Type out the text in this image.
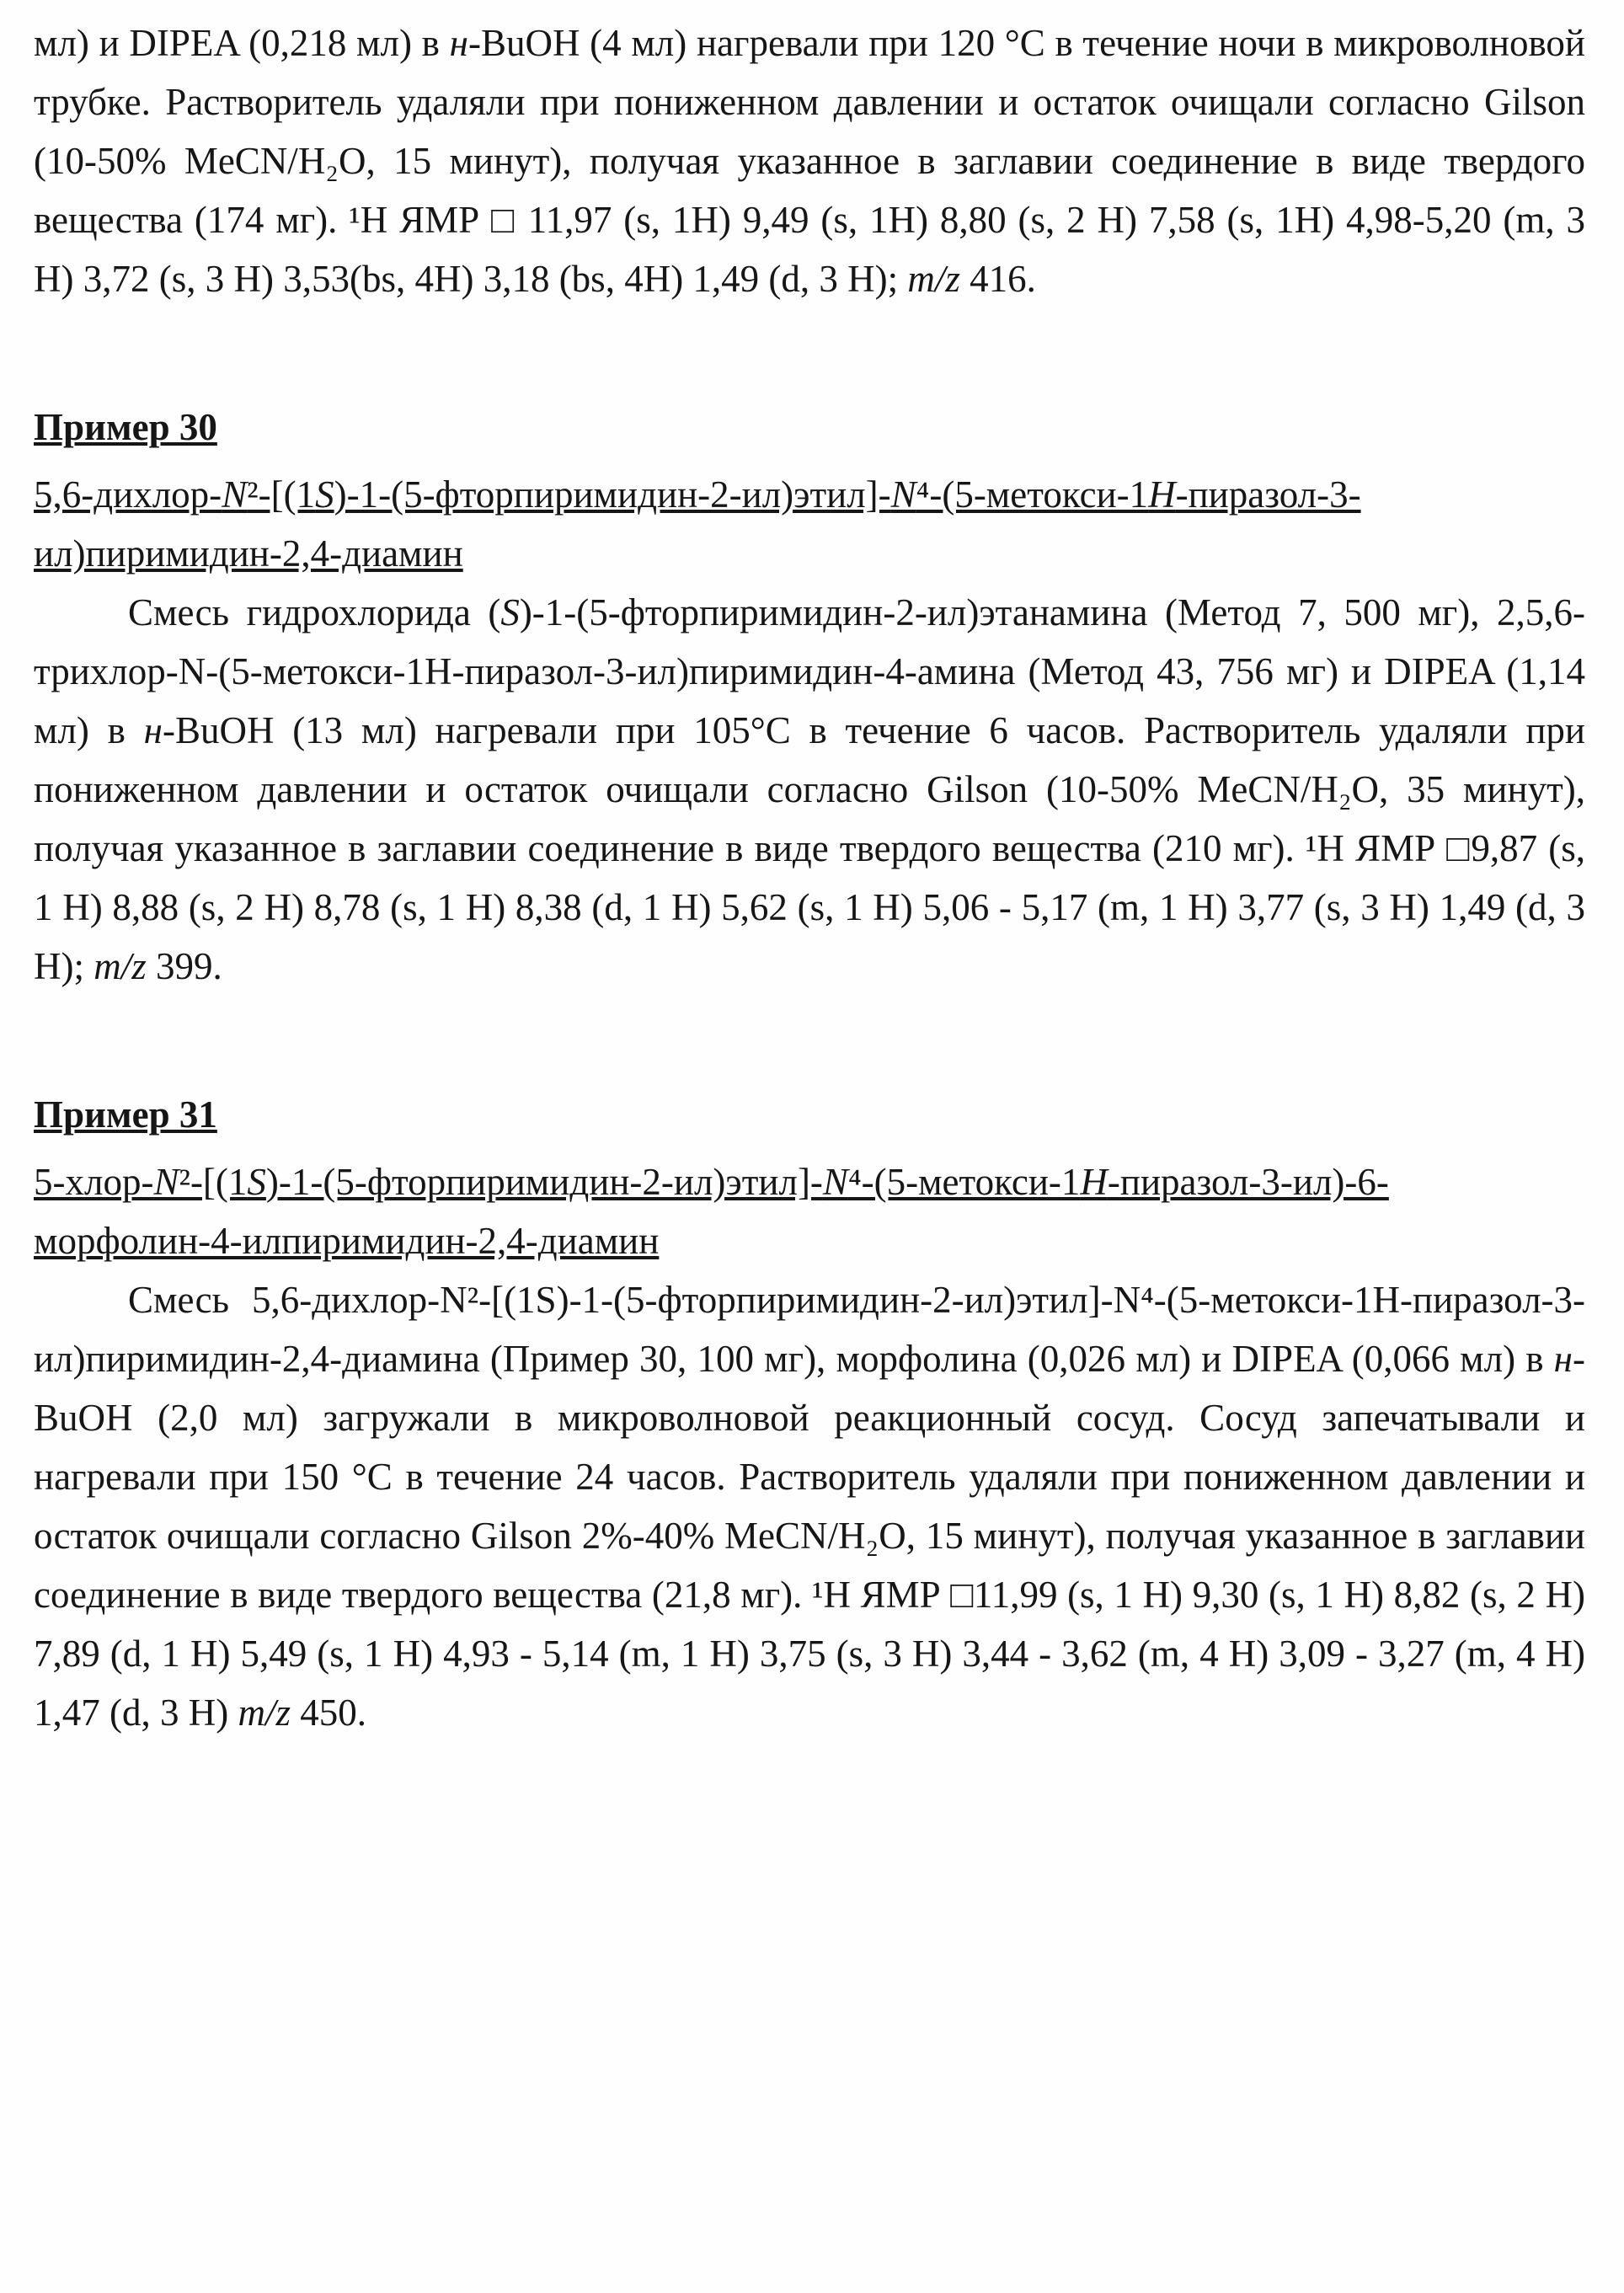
мл) и DIPEA (0,218 мл) в н-BuOH (4 мл) нагревали при 120 °C в течение ночи в микроволновой трубке. Растворитель удаляли при пониженном давлении и остаток очищали согласно Gilson (10-50% MeCN/H₂O, 15 минут), получая указанное в заглавии соединение в виде твердого вещества (174 мг). ¹H ЯМР □ 11,97 (s, 1H) 9,49 (s, 1H) 8,80 (s, 2 H) 7,58 (s, 1H) 4,98-5,20 (m, 3 H) 3,72 (s, 3 H) 3,53(bs, 4H) 3,18 (bs, 4H) 1,49 (d, 3 H); m/z 416.
Пример 30
5,6-дихлор-N²-[(1S)-1-(5-фторпиримидин-2-ил)этил]-N⁴-(5-метокси-1H-пиразол-3-ил)пиримидин-2,4-диамин
Смесь гидрохлорида (S)-1-(5-фторпиримидин-2-ил)этанамина (Метод 7, 500 мг), 2,5,6-трихлор-N-(5-метокси-1H-пиразол-3-ил)пиримидин-4-амина (Метод 43, 756 мг) и DIPEA (1,14 мл) в н-BuOH (13 мл) нагревали при 105°C в течение 6 часов. Растворитель удаляли при пониженном давлении и остаток очищали согласно Gilson (10-50% MeCN/H₂O, 35 минут), получая указанное в заглавии соединение в виде твердого вещества (210 мг). ¹H ЯМР □9,87 (s, 1 H) 8,88 (s, 2 H) 8,78 (s, 1 H) 8,38 (d, 1 H) 5,62 (s, 1 H) 5,06 - 5,17 (m, 1 H) 3,77 (s, 3 H) 1,49 (d, 3 H); m/z 399.
Пример 31
5-хлор-N²-[(1S)-1-(5-фторпиримидин-2-ил)этил]-N⁴-(5-метокси-1H-пиразол-3-ил)-6-морфолин-4-илпиримидин-2,4-диамин
Смесь 5,6-дихлор-N²-[(1S)-1-(5-фторпиримидин-2-ил)этил]-N⁴-(5-метокси-1H-пиразол-3-ил)пиримидин-2,4-диамина (Пример 30, 100 мг), морфолина (0,026 мл) и DIPEA (0,066 мл) в н-BuOH (2,0 мл) загружали в микроволновой реакционный сосуд. Сосуд запечатывали и нагревали при 150 °C в течение 24 часов. Растворитель удаляли при пониженном давлении и остаток очищали согласно Gilson 2%-40% MeCN/H₂O, 15 минут), получая указанное в заглавии соединение в виде твердого вещества (21,8 мг). ¹H ЯМР □11,99 (s, 1 H) 9,30 (s, 1 H) 8,82 (s, 2 H) 7,89 (d, 1 H) 5,49 (s, 1 H) 4,93 - 5,14 (m, 1 H) 3,75 (s, 3 H) 3,44 - 3,62 (m, 4 H) 3,09 - 3,27 (m, 4 H) 1,47 (d, 3 H) m/z 450.
